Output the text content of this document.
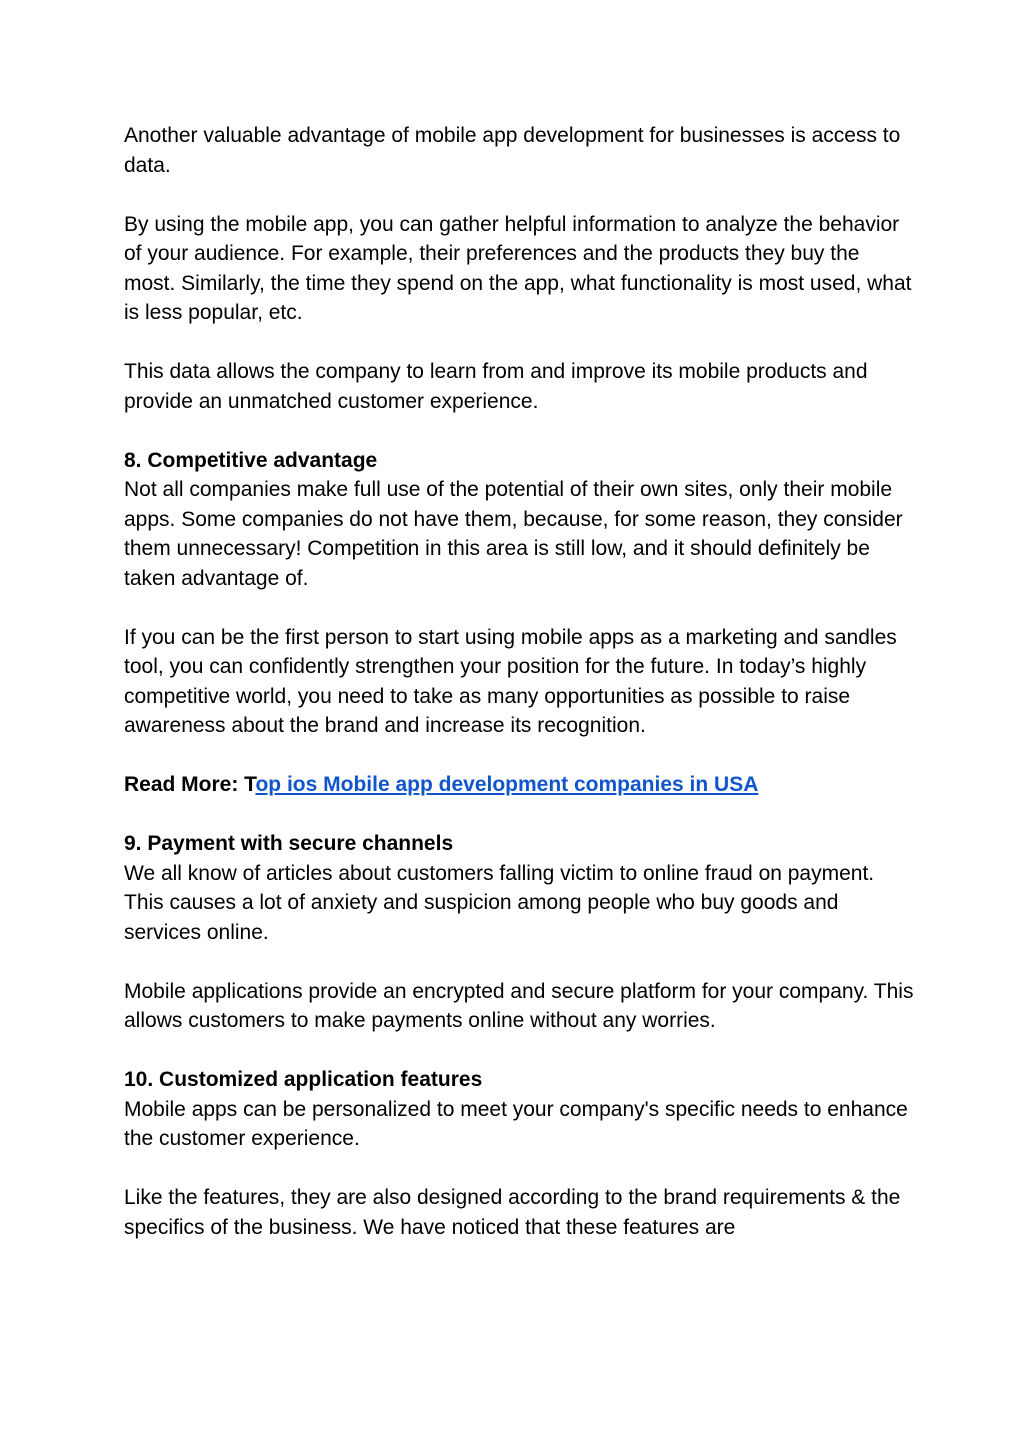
Another valuable advantage of mobile app development for businesses is access to data.

By using the mobile app, you can gather helpful information to analyze the behavior of your audience. For example, their preferences and the products they buy the most. Similarly, the time they spend on the app, what functionality is most used, what is less popular, etc.

This data allows the company to learn from and improve its mobile products and provide an unmatched customer experience.

8. Competitive advantage

Not all companies make full use of the potential of their own sites, only their mobile apps. Some companies do not have them, because, for some reason, they consider them unnecessary! Competition in this area is still low, and it should definitely be taken advantage of.

If you can be the first person to start using mobile apps as a marketing and sandles tool, you can confidently strengthen your position for the future. In today’s highly competitive world, you need to take as many opportunities as possible to raise awareness about the brand and increase its recognition.

Read More: Top ios Mobile app development companies in USA

9. Payment with secure channels

We all know of articles about customers falling victim to online fraud on payment. This causes a lot of anxiety and suspicion among people who buy goods and services online.

Mobile applications provide an encrypted and secure platform for your company. This allows customers to make payments online without any worries.

10. Customized application features

Mobile apps can be personalized to meet your company's specific needs to enhance the customer experience.

Like the features, they are also designed according to the brand requirements & the specifics of the business. We have noticed that these features are
